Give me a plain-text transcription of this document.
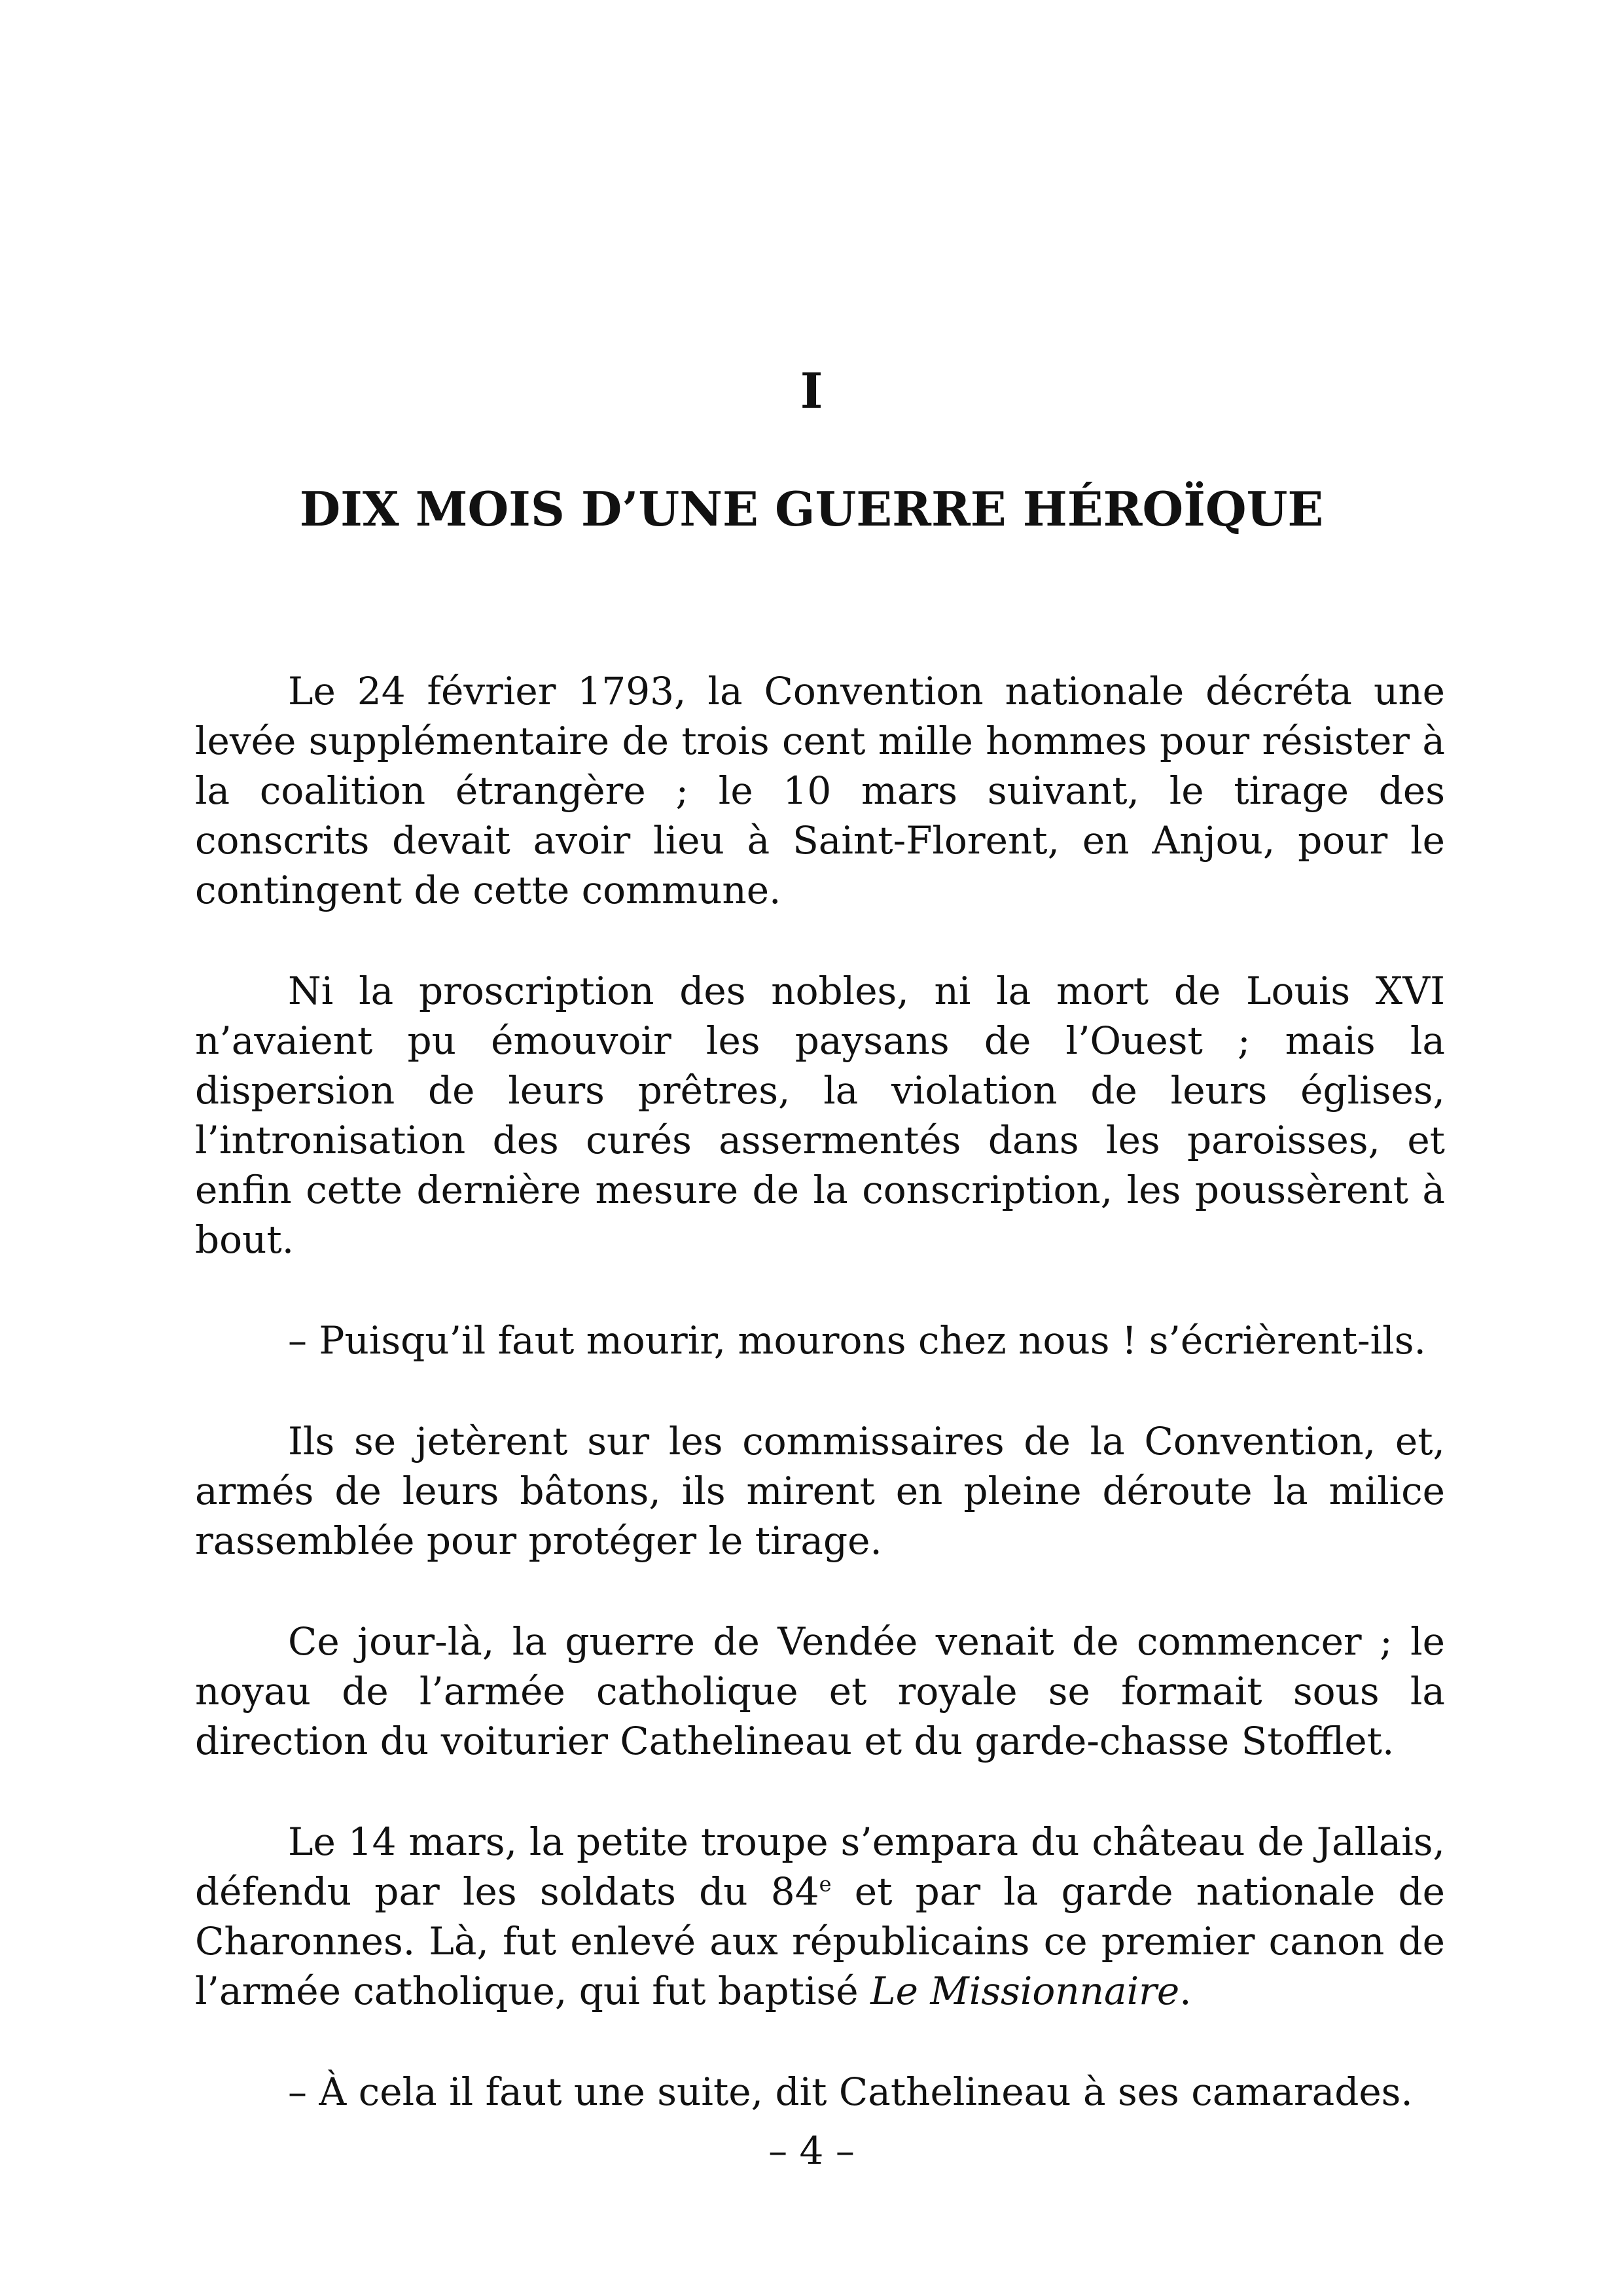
I
DIX MOIS D’UNE GUERRE HÉROÏQUE

Le 24 février 1793, la Convention nationale décréta une levée supplémentaire de trois cent mille hommes pour résister à la coalition étrangère ; le 10 mars suivant, le tirage des conscrits devait avoir lieu à Saint-Florent, en Anjou, pour le contingent de cette commune.

Ni la proscription des nobles, ni la mort de Louis XVI n’avaient pu émouvoir les paysans de l’Ouest ; mais la dispersion de leurs prêtres, la violation de leurs églises, l’intronisation des curés assermentés dans les paroisses, et enfin cette dernière mesure de la conscription, les poussèrent à bout.

– Puisqu’il faut mourir, mourons chez nous ! s’écrièrent-ils.

Ils se jetèrent sur les commissaires de la Convention, et, armés de leurs bâtons, ils mirent en pleine déroute la milice rassemblée pour protéger le tirage.

Ce jour-là, la guerre de Vendée venait de commencer ; le noyau de l’armée catholique et royale se formait sous la direction du voiturier Cathelineau et du garde-chasse Stofflet.

Le 14 mars, la petite troupe s’empara du château de Jallais, défendu par les soldats du 84e et par la garde nationale de Charonnes. Là, fut enlevé aux républicains ce premier canon de l’armée catholique, qui fut baptisé Le Missionnaire.

– À cela il faut une suite, dit Cathelineau à ses camarades.

– 4 –
